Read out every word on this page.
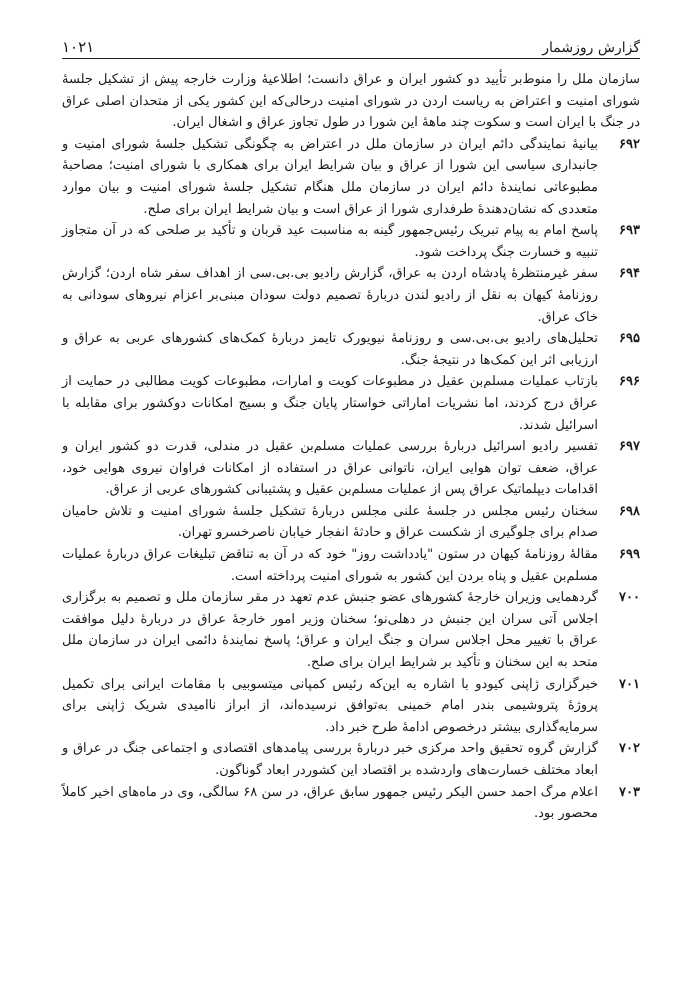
گزارش روزشمار
۱۰۲۱

سازمان ملل را منوط‌بر تأیید دو کشور ایران و عراق دانست؛ اطلاعیهٔ وزارت خارجه پیش از تشکیل جلسهٔ شورای امنیت و اعتراض به ریاست اردن در شورای امنیت درحالی‌که این کشور یکی از متحدان اصلی عراق در جنگ با ایران است و سکوت چند ماههٔ این شورا در طول تجاوز عراق و اشغال ایران.

۶۹۲
بیانیهٔ نمایندگی دائم ایران در سازمان ملل در اعتراض به چگونگی تشکیل جلسهٔ شورای امنیت و جانبداری سیاسی این شورا از عراق و بیان شرایط ایران برای همکاری با شورای امنیت؛ مصاحبهٔ مطبوعاتی نمایندهٔ دائم ایران در سازمان ملل هنگام تشکیل جلسهٔ شورای امنیت و بیان موارد متعددی که نشان‌دهندهٔ طرفداری شورا از عراق است و بیان شرایط ایران برای صلح.
۶۹۳
پاسخ امام به پیام تبریک رئیس‌جمهور گینه به مناسبت عید قربان و تأکید بر صلحی که در آن متجاوز تنبیه و خسارت جنگ پرداخت شود.
۶۹۴
سفر غیرمنتظرهٔ پادشاه اردن به عراق، گزارش رادیو بی.بی.سی از اهداف سفر شاه اردن؛ گزارش روزنامهٔ کیهان به نقل از رادیو لندن دربارهٔ تصمیم دولت سودان مبنی‌بر اعزام نیروهای سودانی به خاک عراق.
۶۹۵
تحلیل‌های رادیو بی.بی.سی و روزنامهٔ نیویورک تایمز دربارهٔ کمک‌های کشورهای عربی به عراق و ارزیابی اثر این کمک‌ها در نتیجهٔ جنگ.
۶۹۶
بازتاب عملیات مسلم‌بن عقیل در مطبوعات کویت و امارات، مطبوعات کویت مطالبی در حمایت از عراق درج کردند، اما نشریات اماراتی خواستار پایان جنگ و بسیج امکانات دوکشور برای مقابله با اسرائیل شدند.
۶۹۷
تفسیر رادیو اسرائیل دربارهٔ بررسی عملیات مسلم‌بن عقیل در مندلی، قدرت دو کشور ایران و عراق، ضعف توان هوایی ایران، ناتوانی عراق در استفاده از امکانات فراوان نیروی هوایی خود، اقدامات دیپلماتیک عراق پس از عملیات مسلم‌بن عقیل و پشتیبانی کشورهای عربی از عراق.
۶۹۸
سخنان رئیس مجلس در جلسهٔ علنی مجلس دربارهٔ تشکیل جلسهٔ شورای امنیت و تلاش حامیان صدام برای جلوگیری از شکست عراق و حادثهٔ انفجار خیابان ناصرخسرو تهران.
۶۹۹
مقالهٔ روزنامهٔ کیهان در ستون "یادداشت روز" خود که در آن به تناقض تبلیغات عراق دربارهٔ عملیات مسلم‌بن عقیل و پناه بردن این کشور به شورای امنیت پرداخته است.
۷۰۰
گردهمایی وزیران خارجهٔ کشورهای عضو جنبش عدم تعهد در مقر سازمان ملل و تصمیم به برگزاری اجلاس آتی سران این جنبش در دهلی‌نو؛ سخنان وزیر امور خارجهٔ عراق در دربارهٔ دلیل موافقت عراق با تغییر محل اجلاس سران و جنگ ایران و عراق؛ پاسخ نمایندهٔ دائمی ایران در سازمان ملل متحد به این سخنان و تأکید بر شرایط ایران برای صلح.
۷۰۱
خبرگزاری ژاپنی کیودو با اشاره به این‌که رئیس کمپانی میتسوبیی با مقامات ایرانی برای تکمیل پروژهٔ پتروشیمی بندر امام خمینی به‌توافق نرسیده‌اند، از ابراز ناامیدی شریک ژاپنی برای سرمایه‌گذاری بیشتر درخصوص ادامهٔ طرح خبر داد.
۷۰۲
گزارش گروه تحقیق واحد مرکزی خبر دربارهٔ بررسی پیامدهای اقتصادی و اجتماعی جنگ در عراق و ابعاد مختلف خسارت‌های واردشده بر اقتصاد این کشوردر ابعاد گوناگون.
۷۰۳
اعلام مرگ احمد حسن البکر رئیس جمهور سابق عراق، در سن ۶۸ سالگی، وی در ماه‌های اخیر کاملاً محصور بود.
